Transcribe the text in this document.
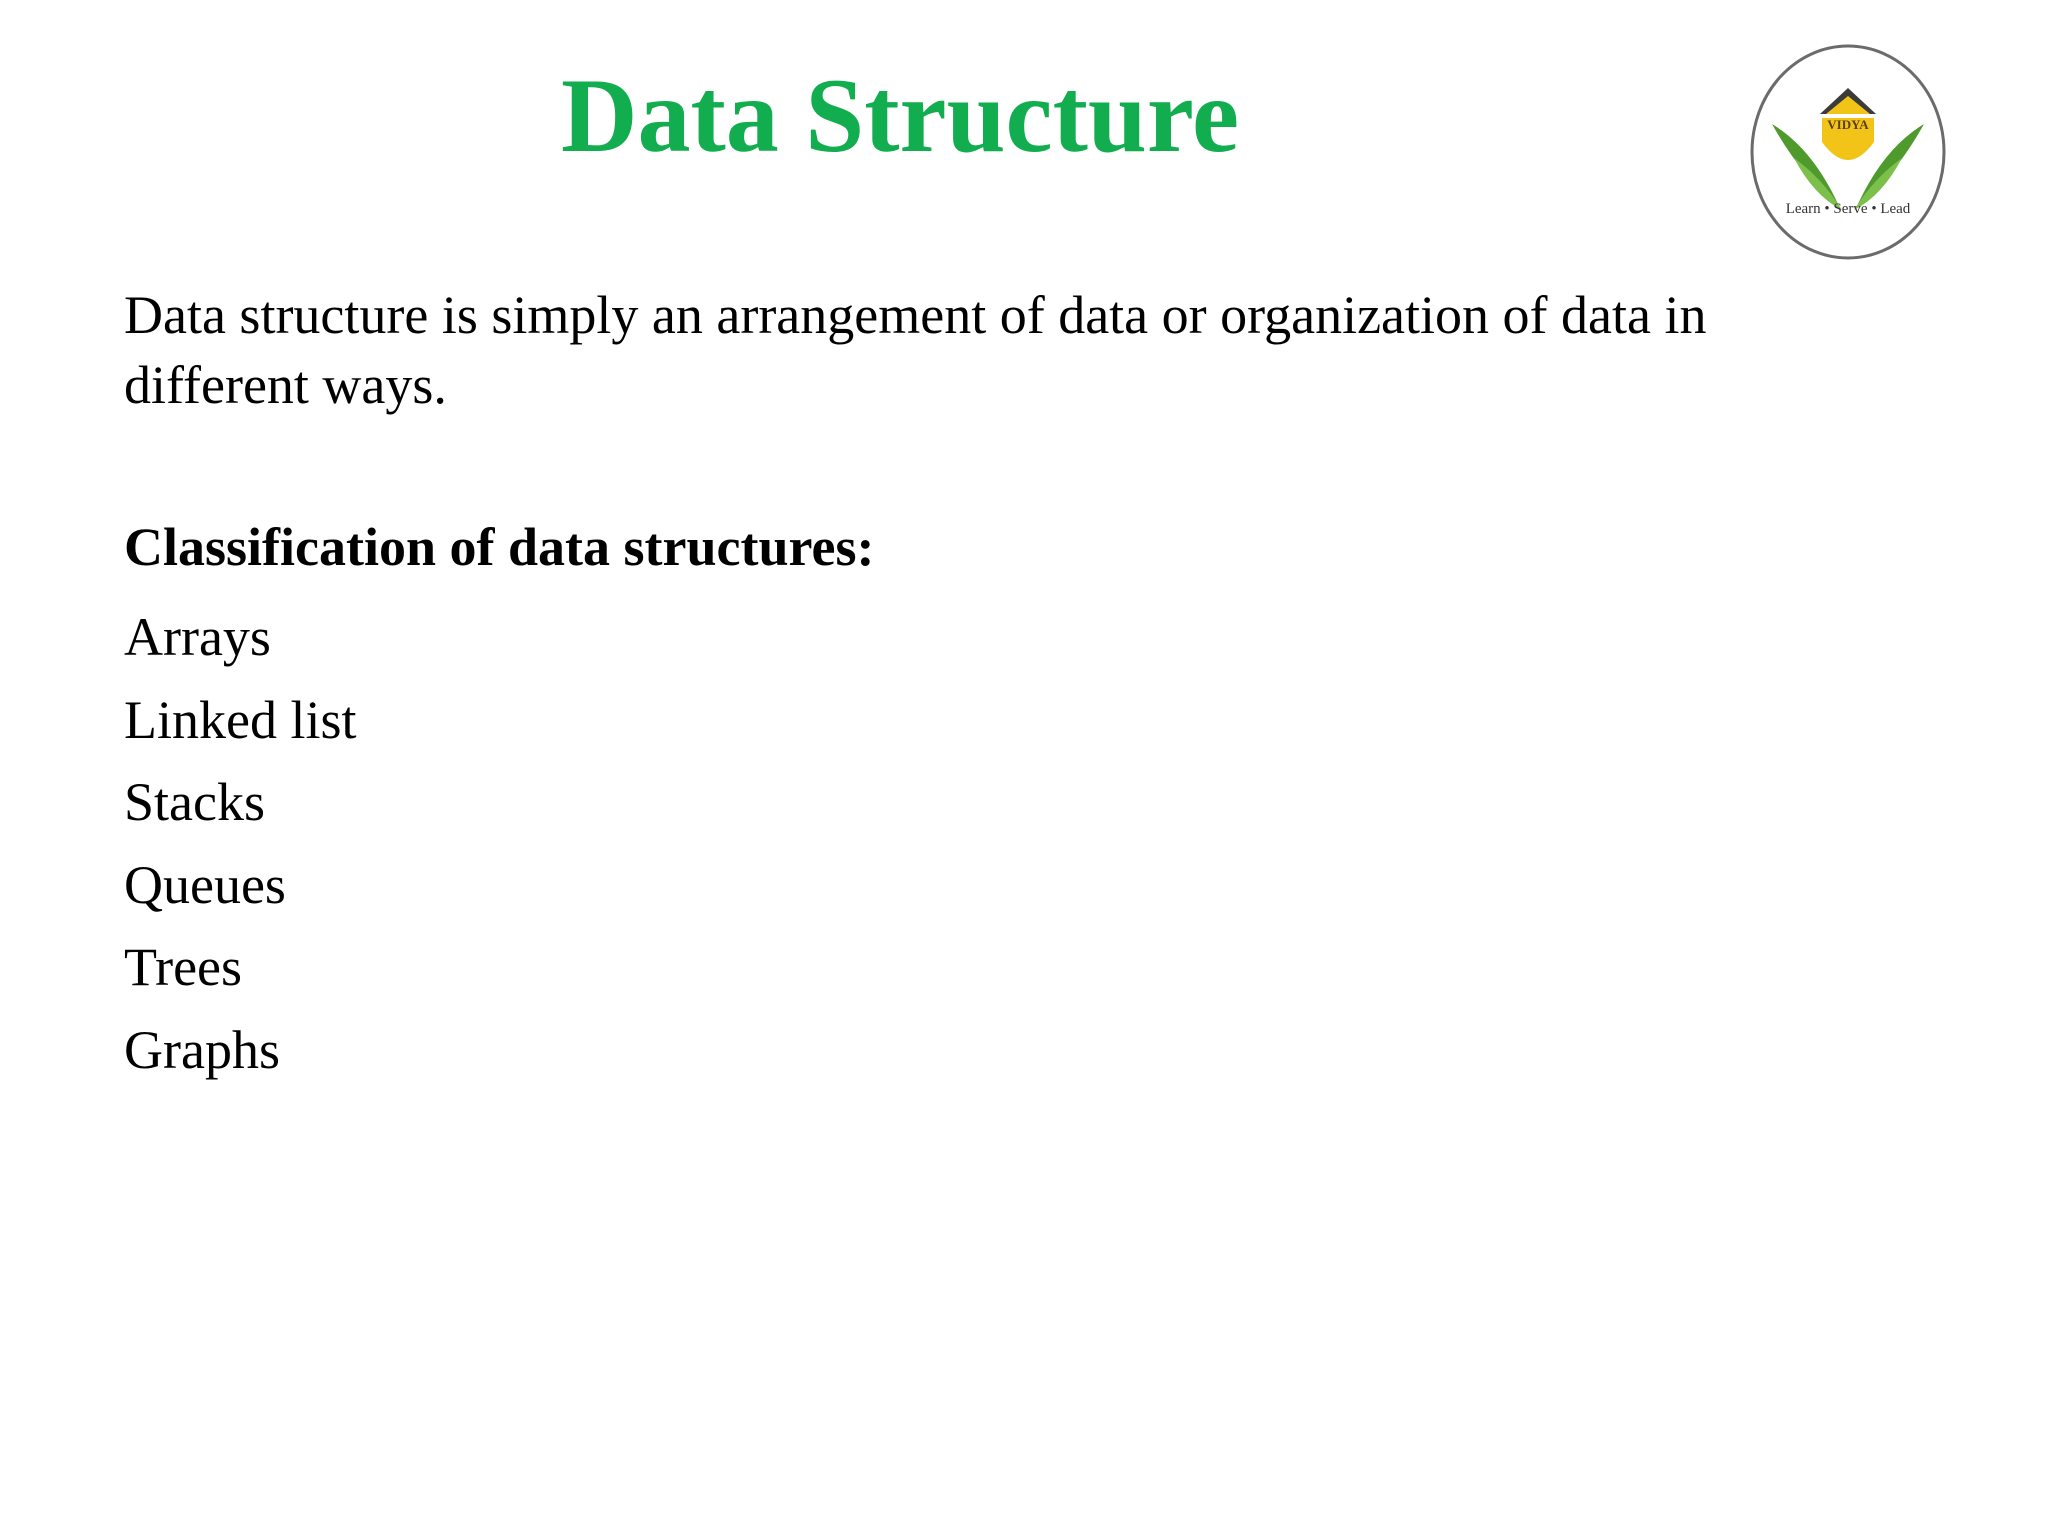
Data Structure	VIDYA
Learn • Serve • Lead

Data structure is simply an arrangement of data or organization of data in different ways.

Classification of data structures:

Arrays
Linked list
Stacks
Queues
Trees
Graphs
